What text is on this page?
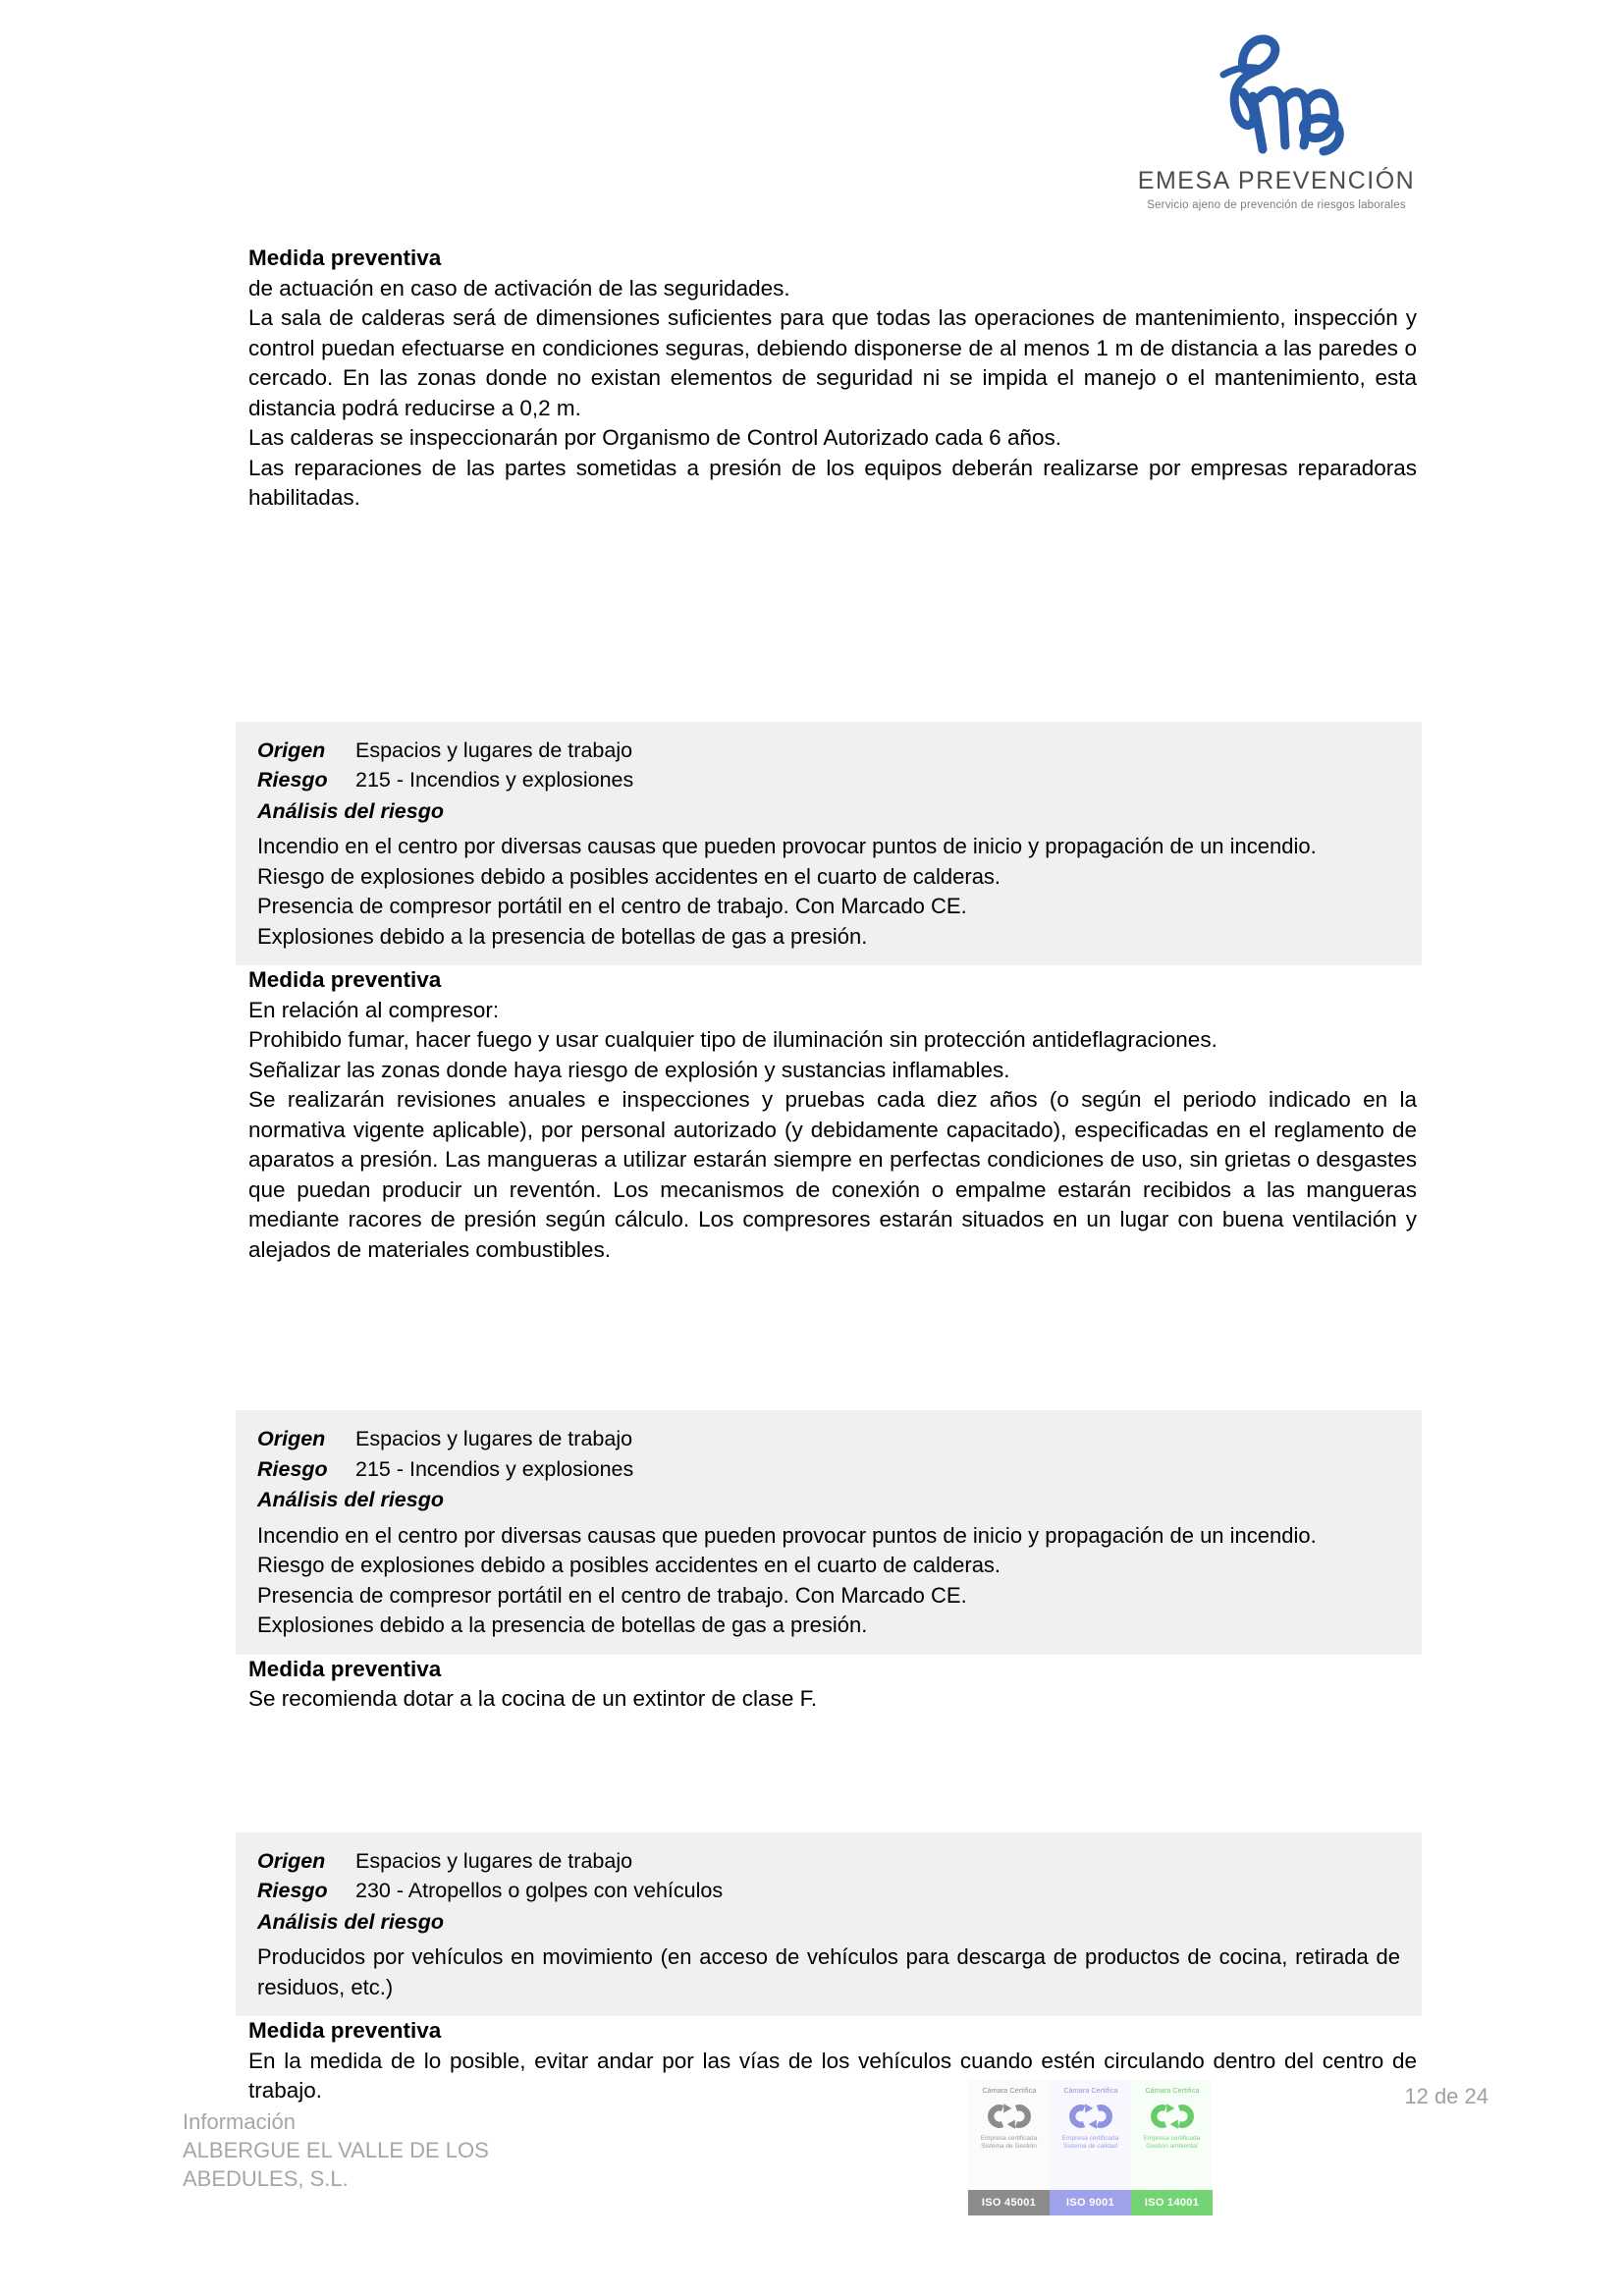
EMESA PREVENCIÓN
Servicio ajeno de prevención de riesgos laborales
Medida preventiva

de actuación en caso de activación de las seguridades.

La sala de calderas será de dimensiones suficientes para que todas las operaciones de mantenimiento, inspección y control puedan efectuarse en condiciones seguras, debiendo disponerse de al menos 1 m de distancia a las paredes o cercado. En las zonas donde no existan elementos de seguridad ni se impida el manejo o el mantenimiento, esta distancia podrá reducirse a 0,2 m.

Las calderas se inspeccionarán por Organismo de Control Autorizado cada 6 años.

Las reparaciones de las partes sometidas a presión de los equipos deberán realizarse por empresas reparadoras habilitadas.

Origen	Espacios y lugares de trabajo
Riesgo	215 - Incendios y explosiones
Análisis del riesgo

Incendio en el centro por diversas causas que pueden provocar puntos de inicio y propagación de un incendio.

Riesgo de explosiones debido a posibles accidentes en el cuarto de calderas.

Presencia de compresor portátil en el centro de trabajo. Con Marcado CE.

Explosiones debido a la presencia de botellas de gas a presión.

Medida preventiva

En relación al compresor:

Prohibido fumar, hacer fuego y usar cualquier tipo de iluminación sin protección antideflagraciones.

Señalizar las zonas donde haya riesgo de explosión y sustancias inflamables.

Se realizarán revisiones anuales e inspecciones y pruebas cada diez años (o según el periodo indicado en la normativa vigente aplicable), por personal autorizado (y debidamente capacitado), especificadas en el reglamento de aparatos a presión. Las mangueras a utilizar estarán siempre en perfectas condiciones de uso, sin grietas o desgastes que puedan producir un reventón. Los mecanismos de conexión o empalme estarán recibidos a las mangueras mediante racores de presión según cálculo. Los compresores estarán situados en un lugar con buena ventilación y alejados de materiales combustibles.

Origen	Espacios y lugares de trabajo
Riesgo	215 - Incendios y explosiones
Análisis del riesgo

Incendio en el centro por diversas causas que pueden provocar puntos de inicio y propagación de un incendio.

Riesgo de explosiones debido a posibles accidentes en el cuarto de calderas.

Presencia de compresor portátil en el centro de trabajo. Con Marcado CE.

Explosiones debido a la presencia de botellas de gas a presión.

Medida preventiva

Se recomienda dotar a la cocina de un extintor de clase F.

Origen	Espacios y lugares de trabajo
Riesgo	230 - Atropellos o golpes con vehículos
Análisis del riesgo

Producidos por vehículos en movimiento (en acceso de vehículos para descarga de productos de cocina, retirada de residuos, etc.)

Medida preventiva

En la medida de lo posible, evitar andar por las vías de los vehículos cuando estén circulando dentro del centro de trabajo.

Información
ALBERGUE EL VALLE DE LOS
ABEDULES, S.L.
Cámara Certifica
Empresa certificada
Sistema de Gestión
ISO 45001
Cámara Certifica
Empresa certificada
Sistema de calidad
ISO 9001
Cámara Certifica
Empresa certificada
Gestión ambiental
ISO 14001
12 de 24
